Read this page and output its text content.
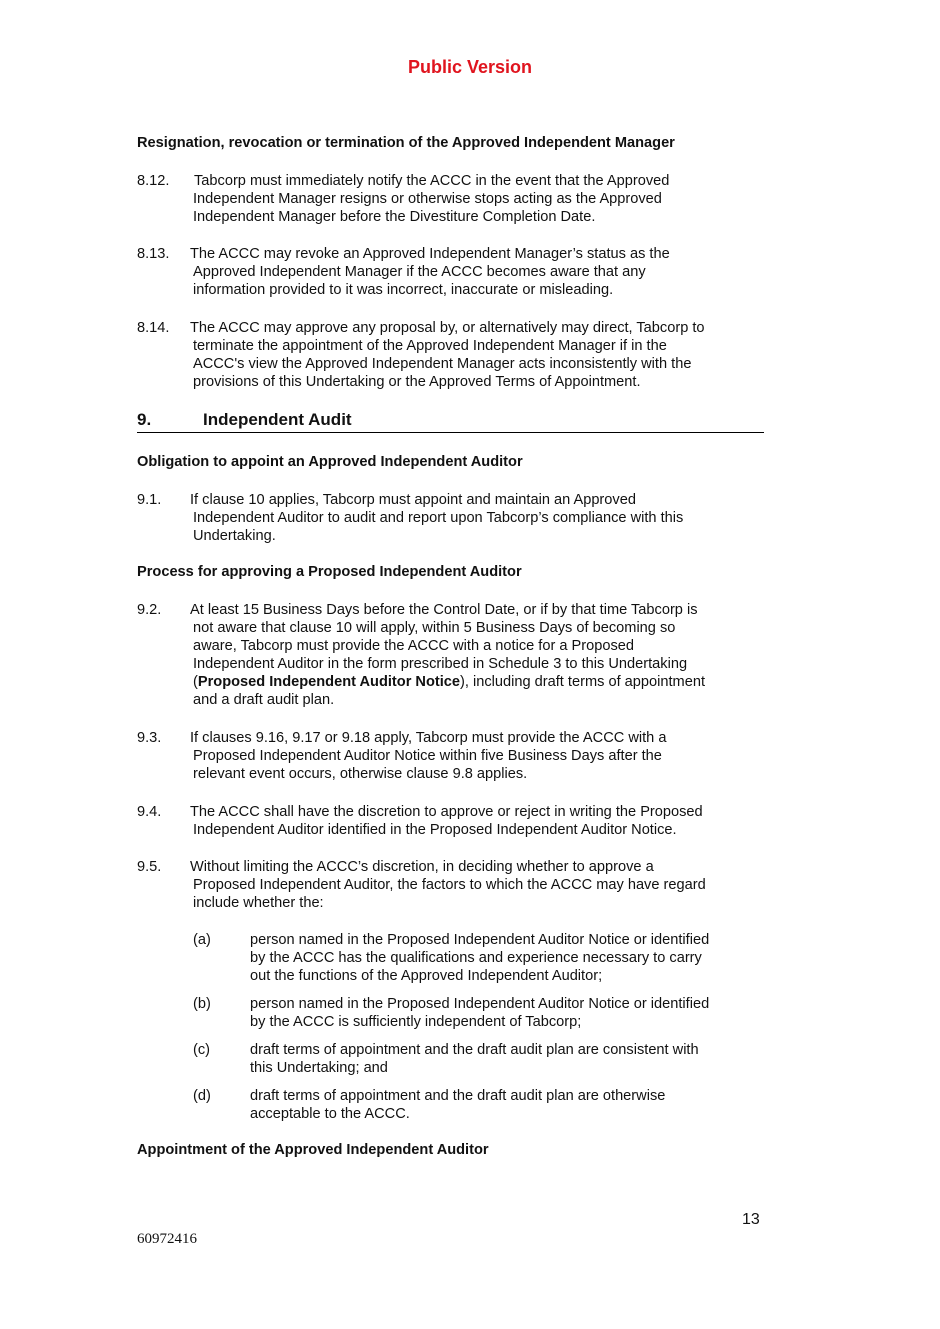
Public Version
Resignation, revocation or termination of the Approved Independent Manager
8.12. Tabcorp must immediately notify the ACCC in the event that the Approved
Independent Manager resigns or otherwise stops acting as the Approved
Independent Manager before the Divestiture Completion Date.
8.13. The ACCC may revoke an Approved Independent Manager’s status as the
Approved Independent Manager if the ACCC becomes aware that any
information provided to it was incorrect, inaccurate or misleading.
8.14. The ACCC may approve any proposal by, or alternatively may direct, Tabcorp to
terminate the appointment of the Approved Independent Manager if in the
ACCC's view the Approved Independent Manager acts inconsistently with the
provisions of this Undertaking or the Approved Terms of Appointment.
9.	Independent Audit
Obligation to appoint an Approved Independent Auditor
9.1. If clause 10 applies, Tabcorp must appoint and maintain an Approved
Independent Auditor to audit and report upon Tabcorp’s compliance with this
Undertaking.
Process for approving a Proposed Independent Auditor
9.2. At least 15 Business Days before the Control Date, or if by that time Tabcorp is
not aware that clause 10 will apply, within 5 Business Days of becoming so
aware, Tabcorp must provide the ACCC with a notice for a Proposed
Independent Auditor in the form prescribed in Schedule 3 to this Undertaking
(Proposed Independent Auditor Notice), including draft terms of appointment
and a draft audit plan.
9.3. If clauses 9.16, 9.17 or 9.18 apply, Tabcorp must provide the ACCC with a
Proposed Independent Auditor Notice within five Business Days after the
relevant event occurs, otherwise clause 9.8 applies.
9.4. The ACCC shall have the discretion to approve or reject in writing the Proposed
Independent Auditor identified in the Proposed Independent Auditor Notice.
9.5. Without limiting the ACCC’s discretion, in deciding whether to approve a
Proposed Independent Auditor, the factors to which the ACCC may have regard
include whether the:
(a)	person named in the Proposed Independent Auditor Notice or identified
by the ACCC has the qualifications and experience necessary to carry
out the functions of the Approved Independent Auditor;
(b)	person named in the Proposed Independent Auditor Notice or identified
by the ACCC is sufficiently independent of Tabcorp;
(c)	draft terms of appointment and the draft audit plan are consistent with
this Undertaking; and
(d)	draft terms of appointment and the draft audit plan are otherwise
acceptable to the ACCC.
Appointment of the Approved Independent Auditor
13
60972416
